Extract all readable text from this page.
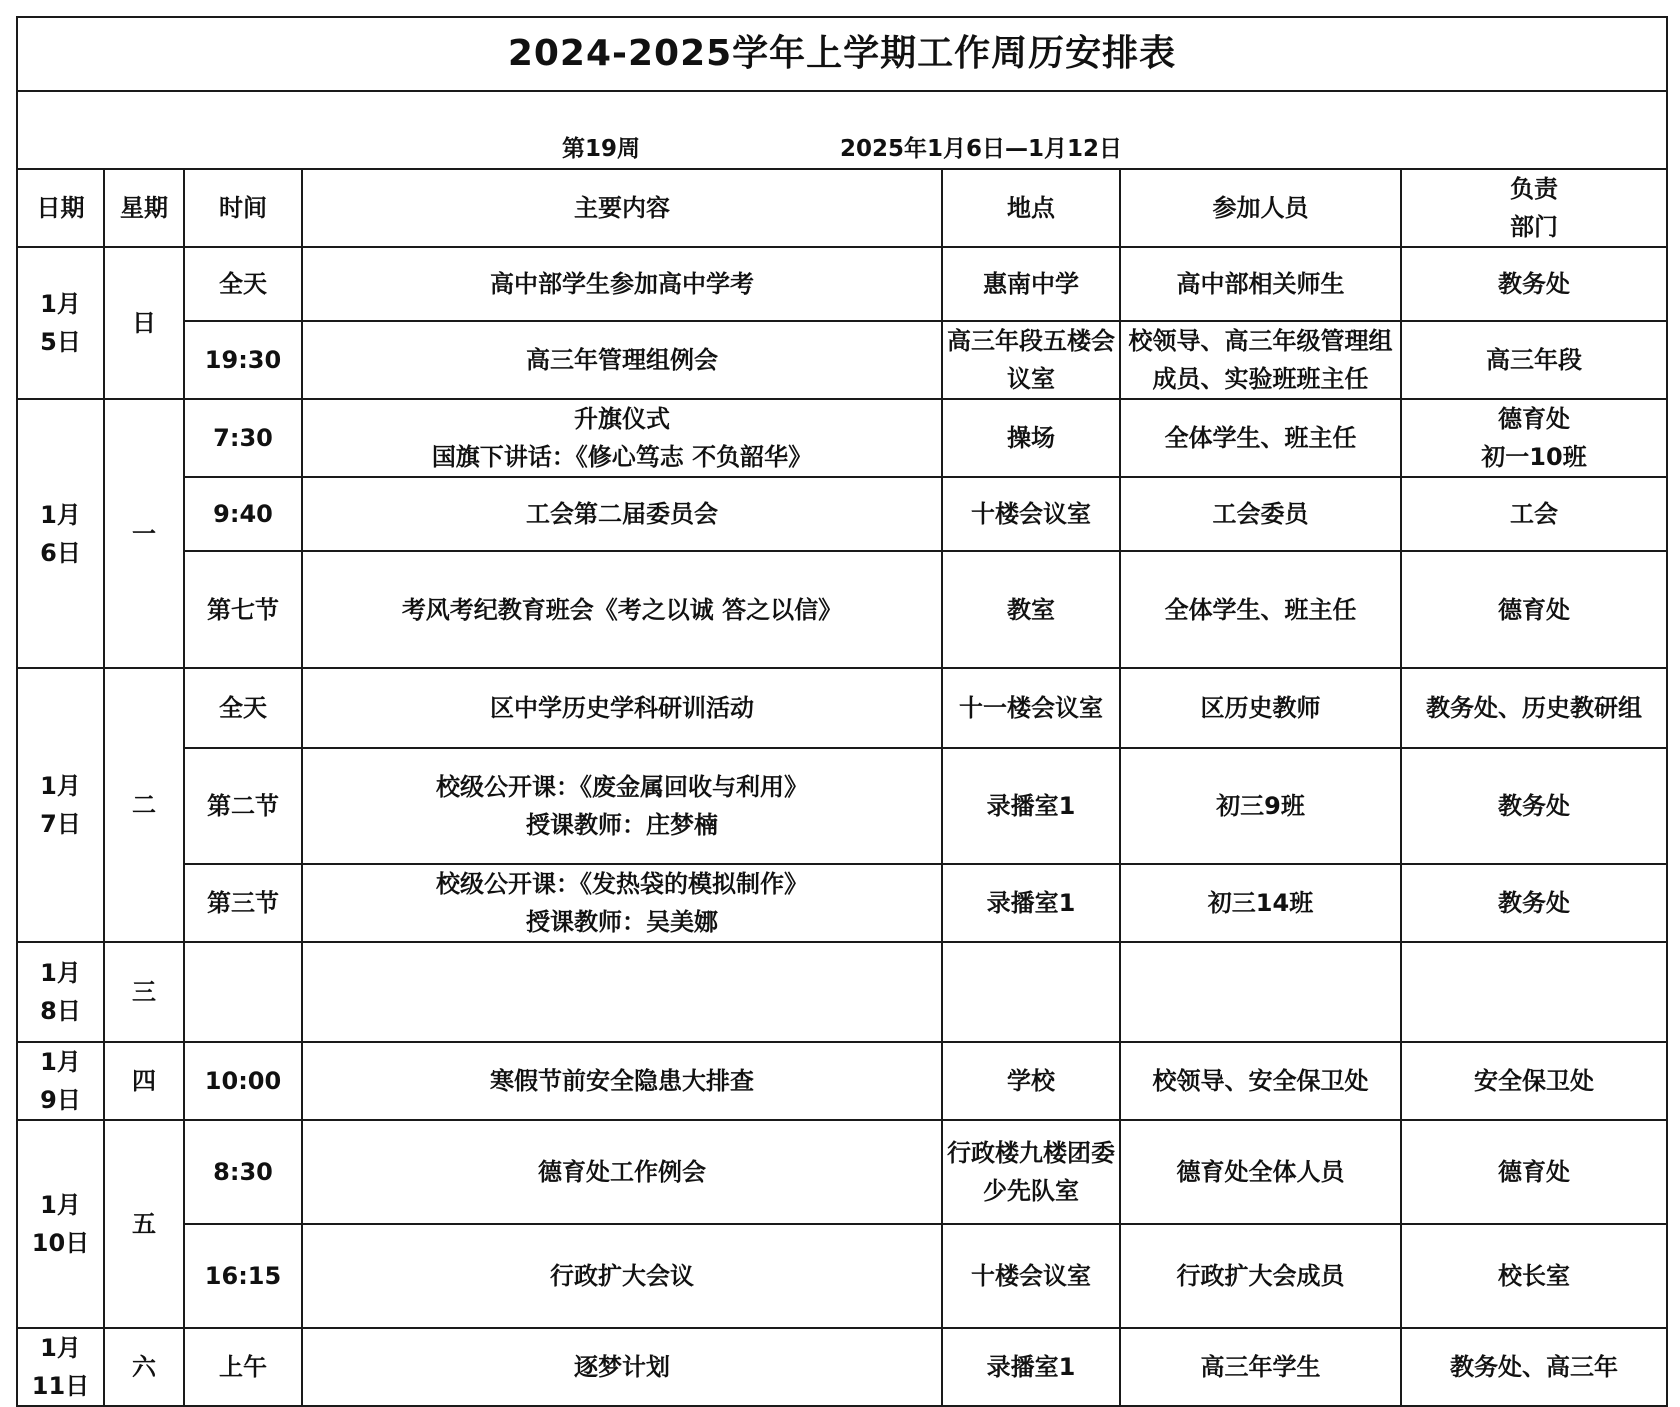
2024-2025学年上学期工作周历安排表						

第19周 2025年1月6日—1月12日						

日期	星期	时间	主要内容	地点	参加人员	负责
部门
1月
5日	日	全天	高中部学生参加高中学考	惠南中学	高中部相关师生	教务处
		19:30	高三年管理组例会	高三年段五楼会议室	校领导、高三年级管理组成员、实验班班主任	高三年段
1月
6日	一	7:30	升旗仪式
国旗下讲话：《修心笃志 不负韶华》	操场	全体学生、班主任	德育处
初一10班
		9:40	工会第二届委员会	十楼会议室	工会委员	工会
		第七节	考风考纪教育班会《考之以诚 答之以信》	教室	全体学生、班主任	德育处
1月
7日	二	全天	区中学历史学科研训活动	十一楼会议室	区历史教师	教务处、历史教研组
		第二节	校级公开课：《废金属回收与利用》
授课教师：庄梦楠	录播室1	初三9班	教务处
		第三节	校级公开课：《发热袋的模拟制作》
授课教师：吴美娜	录播室1	初三14班	教务处
1月
8日	三					
1月
9日	四	10:00	寒假节前安全隐患大排查	学校	校领导、安全保卫处	安全保卫处
1月
10日	五	8:30	德育处工作例会	行政楼九楼团委少先队室	德育处全体人员	德育处
		16:15	行政扩大会议	十楼会议室	行政扩大会成员	校长室
1月
11日	六	上午	逐梦计划	录播室1	高三年学生	教务处、高三年
